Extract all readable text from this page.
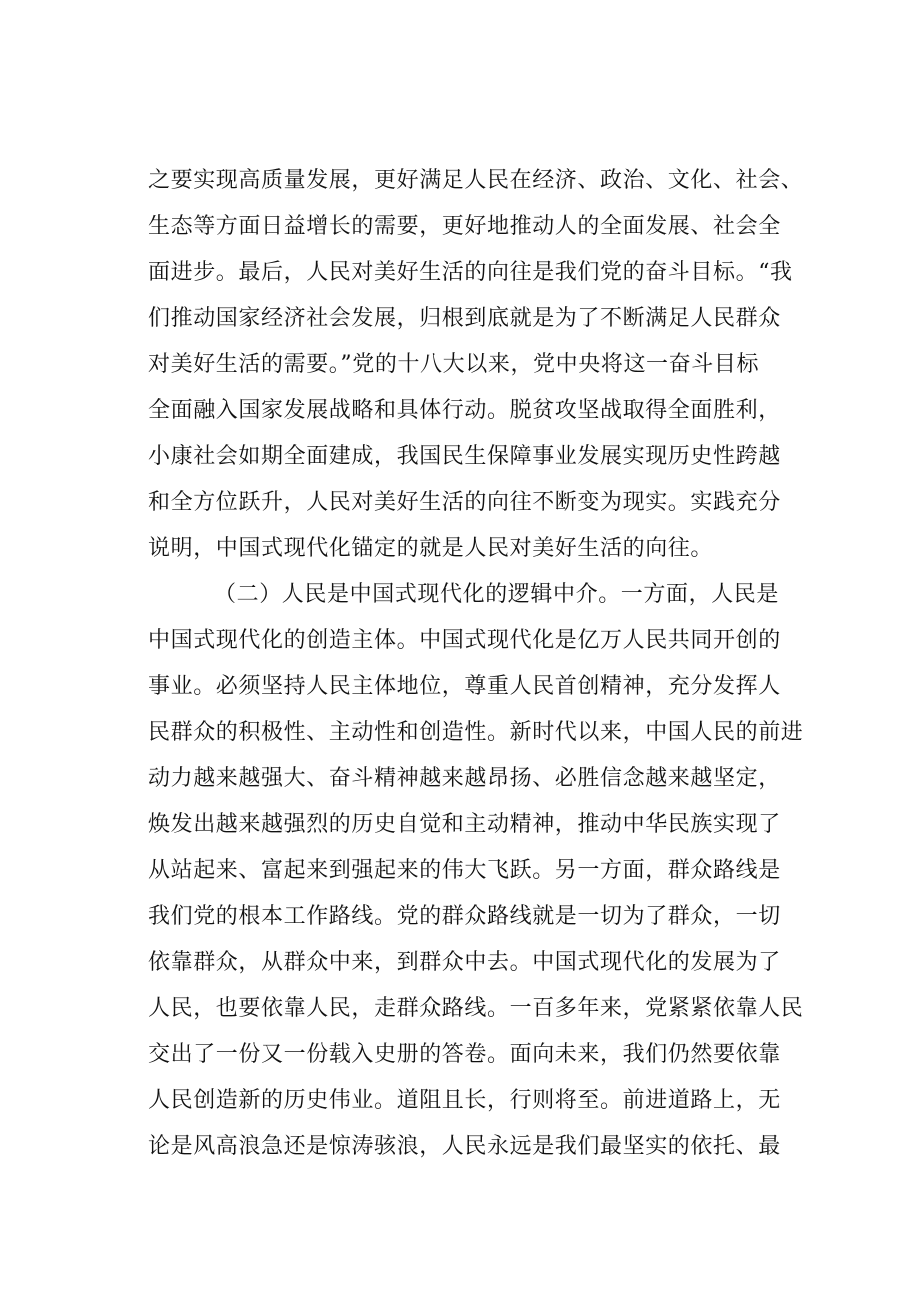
之要实现高质量发展，更好满足人民在经济、政治、文化、社会、
生态等方面日益增长的需要，更好地推动人的全面发展、社会全
面进步。最后，人民对美好生活的向往是我们党的奋斗目标。“我
们推动国家经济社会发展，归根到底就是为了不断满足人民群众
对美好生活的需要。”党的十八大以来，党中央将这一奋斗目标
全面融入国家发展战略和具体行动。脱贫攻坚战取得全面胜利，
小康社会如期全面建成，我国民生保障事业发展实现历史性跨越
和全方位跃升，人民对美好生活的向往不断变为现实。实践充分
说明，中国式现代化锚定的就是人民对美好生活的向往。
（二）人民是中国式现代化的逻辑中介。一方面，人民是
中国式现代化的创造主体。中国式现代化是亿万人民共同开创的
事业。必须坚持人民主体地位，尊重人民首创精神，充分发挥人
民群众的积极性、主动性和创造性。新时代以来，中国人民的前进
动力越来越强大、奋斗精神越来越昂扬、必胜信念越来越坚定，
焕发出越来越强烈的历史自觉和主动精神，推动中华民族实现了
从站起来、富起来到强起来的伟大飞跃。另一方面，群众路线是
我们党的根本工作路线。党的群众路线就是一切为了群众，一切
依靠群众，从群众中来，到群众中去。中国式现代化的发展为了
人民，也要依靠人民，走群众路线。一百多年来，党紧紧依靠人民
交出了一份又一份载入史册的答卷。面向未来，我们仍然要依靠
人民创造新的历史伟业。道阻且长，行则将至。前进道路上，无
论是风高浪急还是惊涛骇浪，人民永远是我们最坚实的依托、最
